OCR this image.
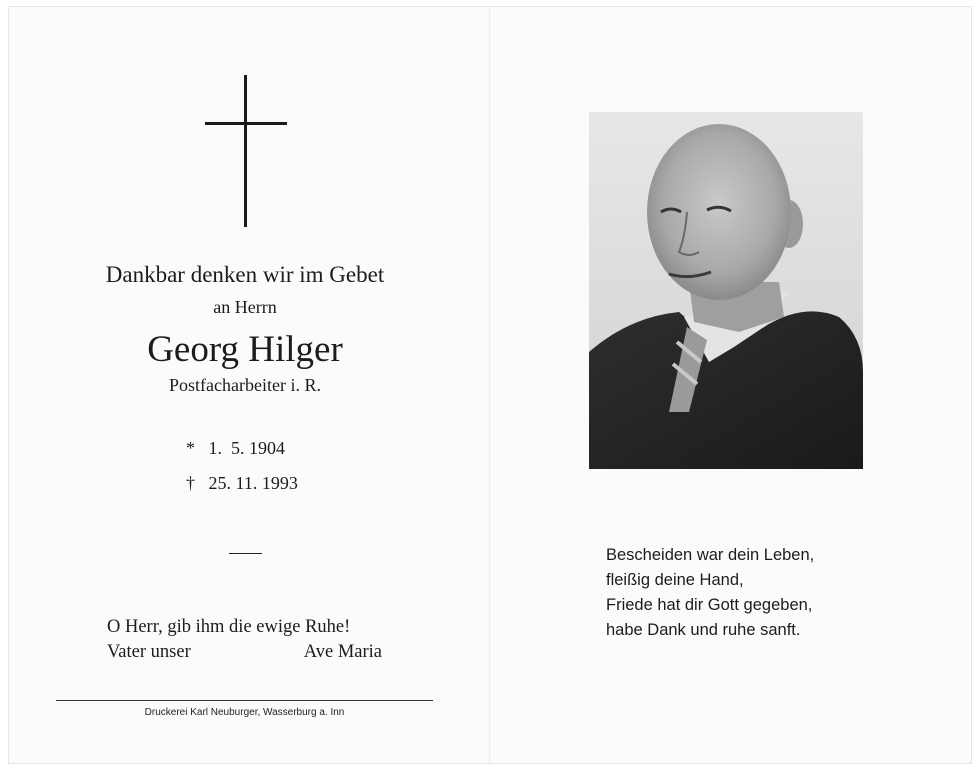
Dankbar denken wir im Gebet
an Herrn
Georg Hilger
Postfacharbeiter i. R.
* 1.  5. 1904
† 25. 11. 1993
O Herr, gib ihm die ewige Ruhe!
Vater unser	Ave Maria
Druckerei Karl Neuburger, Wasserburg a. Inn
Bescheiden war dein Leben,
fleißig deine Hand,
Friede hat dir Gott gegeben,
habe Dank und ruhe sanft.
